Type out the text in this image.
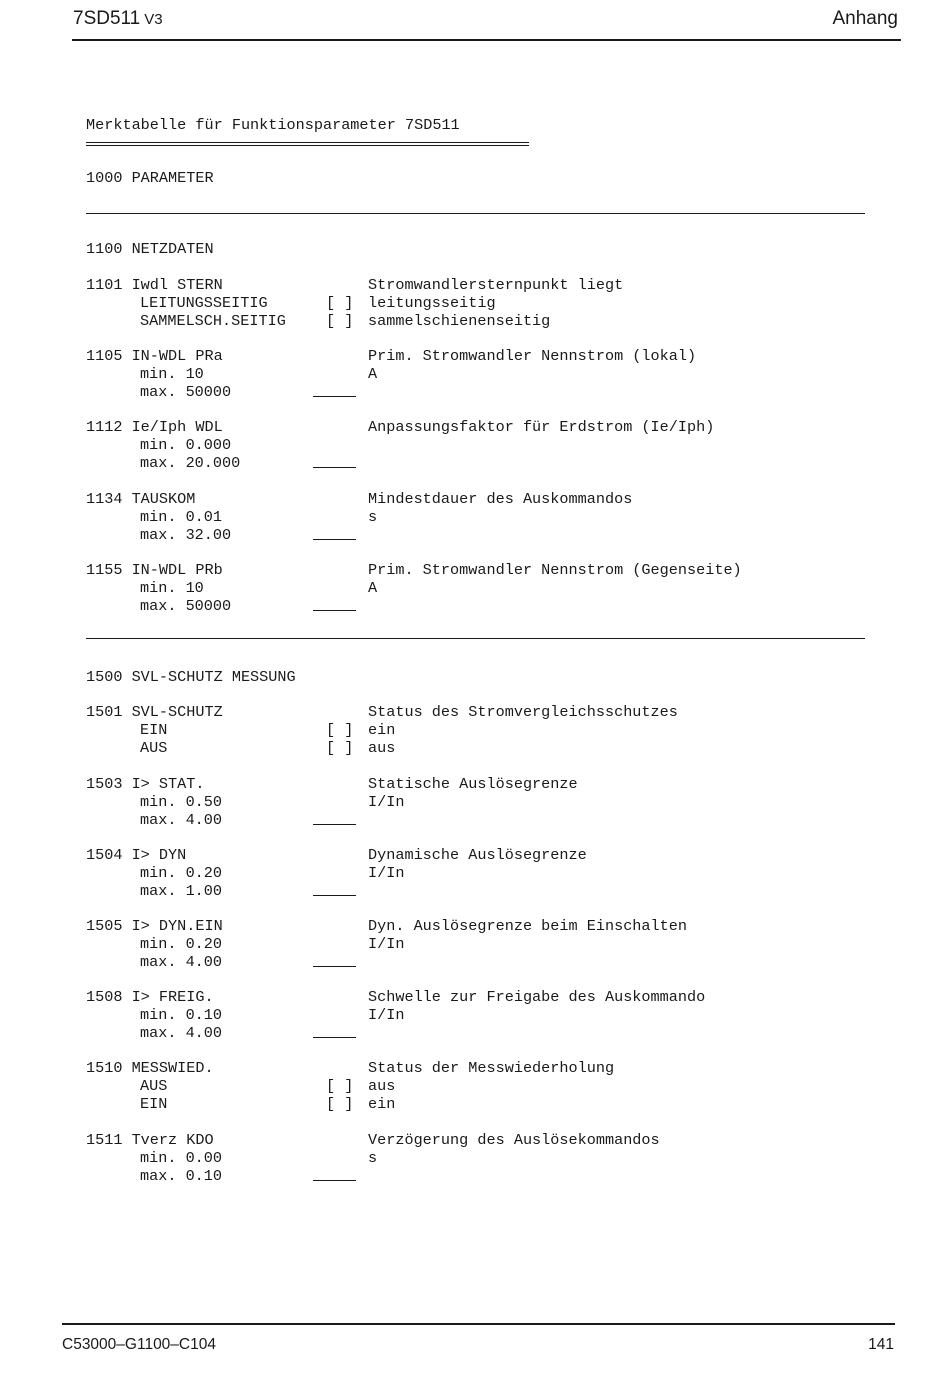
7SD511 V3	Anhang
Merktabelle für Funktionsparameter 7SD511
1000 PARAMETER
1100 NETZDATEN
1101 Iwdl STERN	Stromwandlersternpunkt liegt
LEITUNGSSEITIG	[ ] leitungsseitig
SAMMELSCH.SEITIG	[ ] sammelschienenseitig
1105 IN-WDL PRa	Prim. Stromwandler Nennstrom (lokal)
min. 10	A
max. 50000
1112 Ie/Iph WDL	Anpassungsfaktor für Erdstrom (Ie/Iph)
min. 0.000
max. 20.000
1134 TAUSKOM	Mindestdauer des Auskommandos
min. 0.01	s
max. 32.00
1155 IN-WDL PRb	Prim. Stromwandler Nennstrom (Gegenseite)
min. 10	A
max. 50000
1500 SVL-SCHUTZ MESSUNG
1501 SVL-SCHUTZ	Status des Stromvergleichsschutzes
EIN	[ ] ein
AUS	[ ] aus
1503 I> STAT.	Statische Auslösegrenze
min. 0.50	I/In
max. 4.00
1504 I> DYN	Dynamische Auslösegrenze
min. 0.20	I/In
max. 1.00
1505 I> DYN.EIN	Dyn. Auslösegrenze beim Einschalten
min. 0.20	I/In
max. 4.00
1508 I> FREIG.	Schwelle zur Freigabe des Auskommando
min. 0.10	I/In
max. 4.00
1510 MESSWIED.	Status der Messwiederholung
AUS	[ ] aus
EIN	[ ] ein
1511 Tverz KDO	Verzögerung des Auslösekommandos
min. 0.00	s
max. 0.10
C53000–G1100–C104	141
